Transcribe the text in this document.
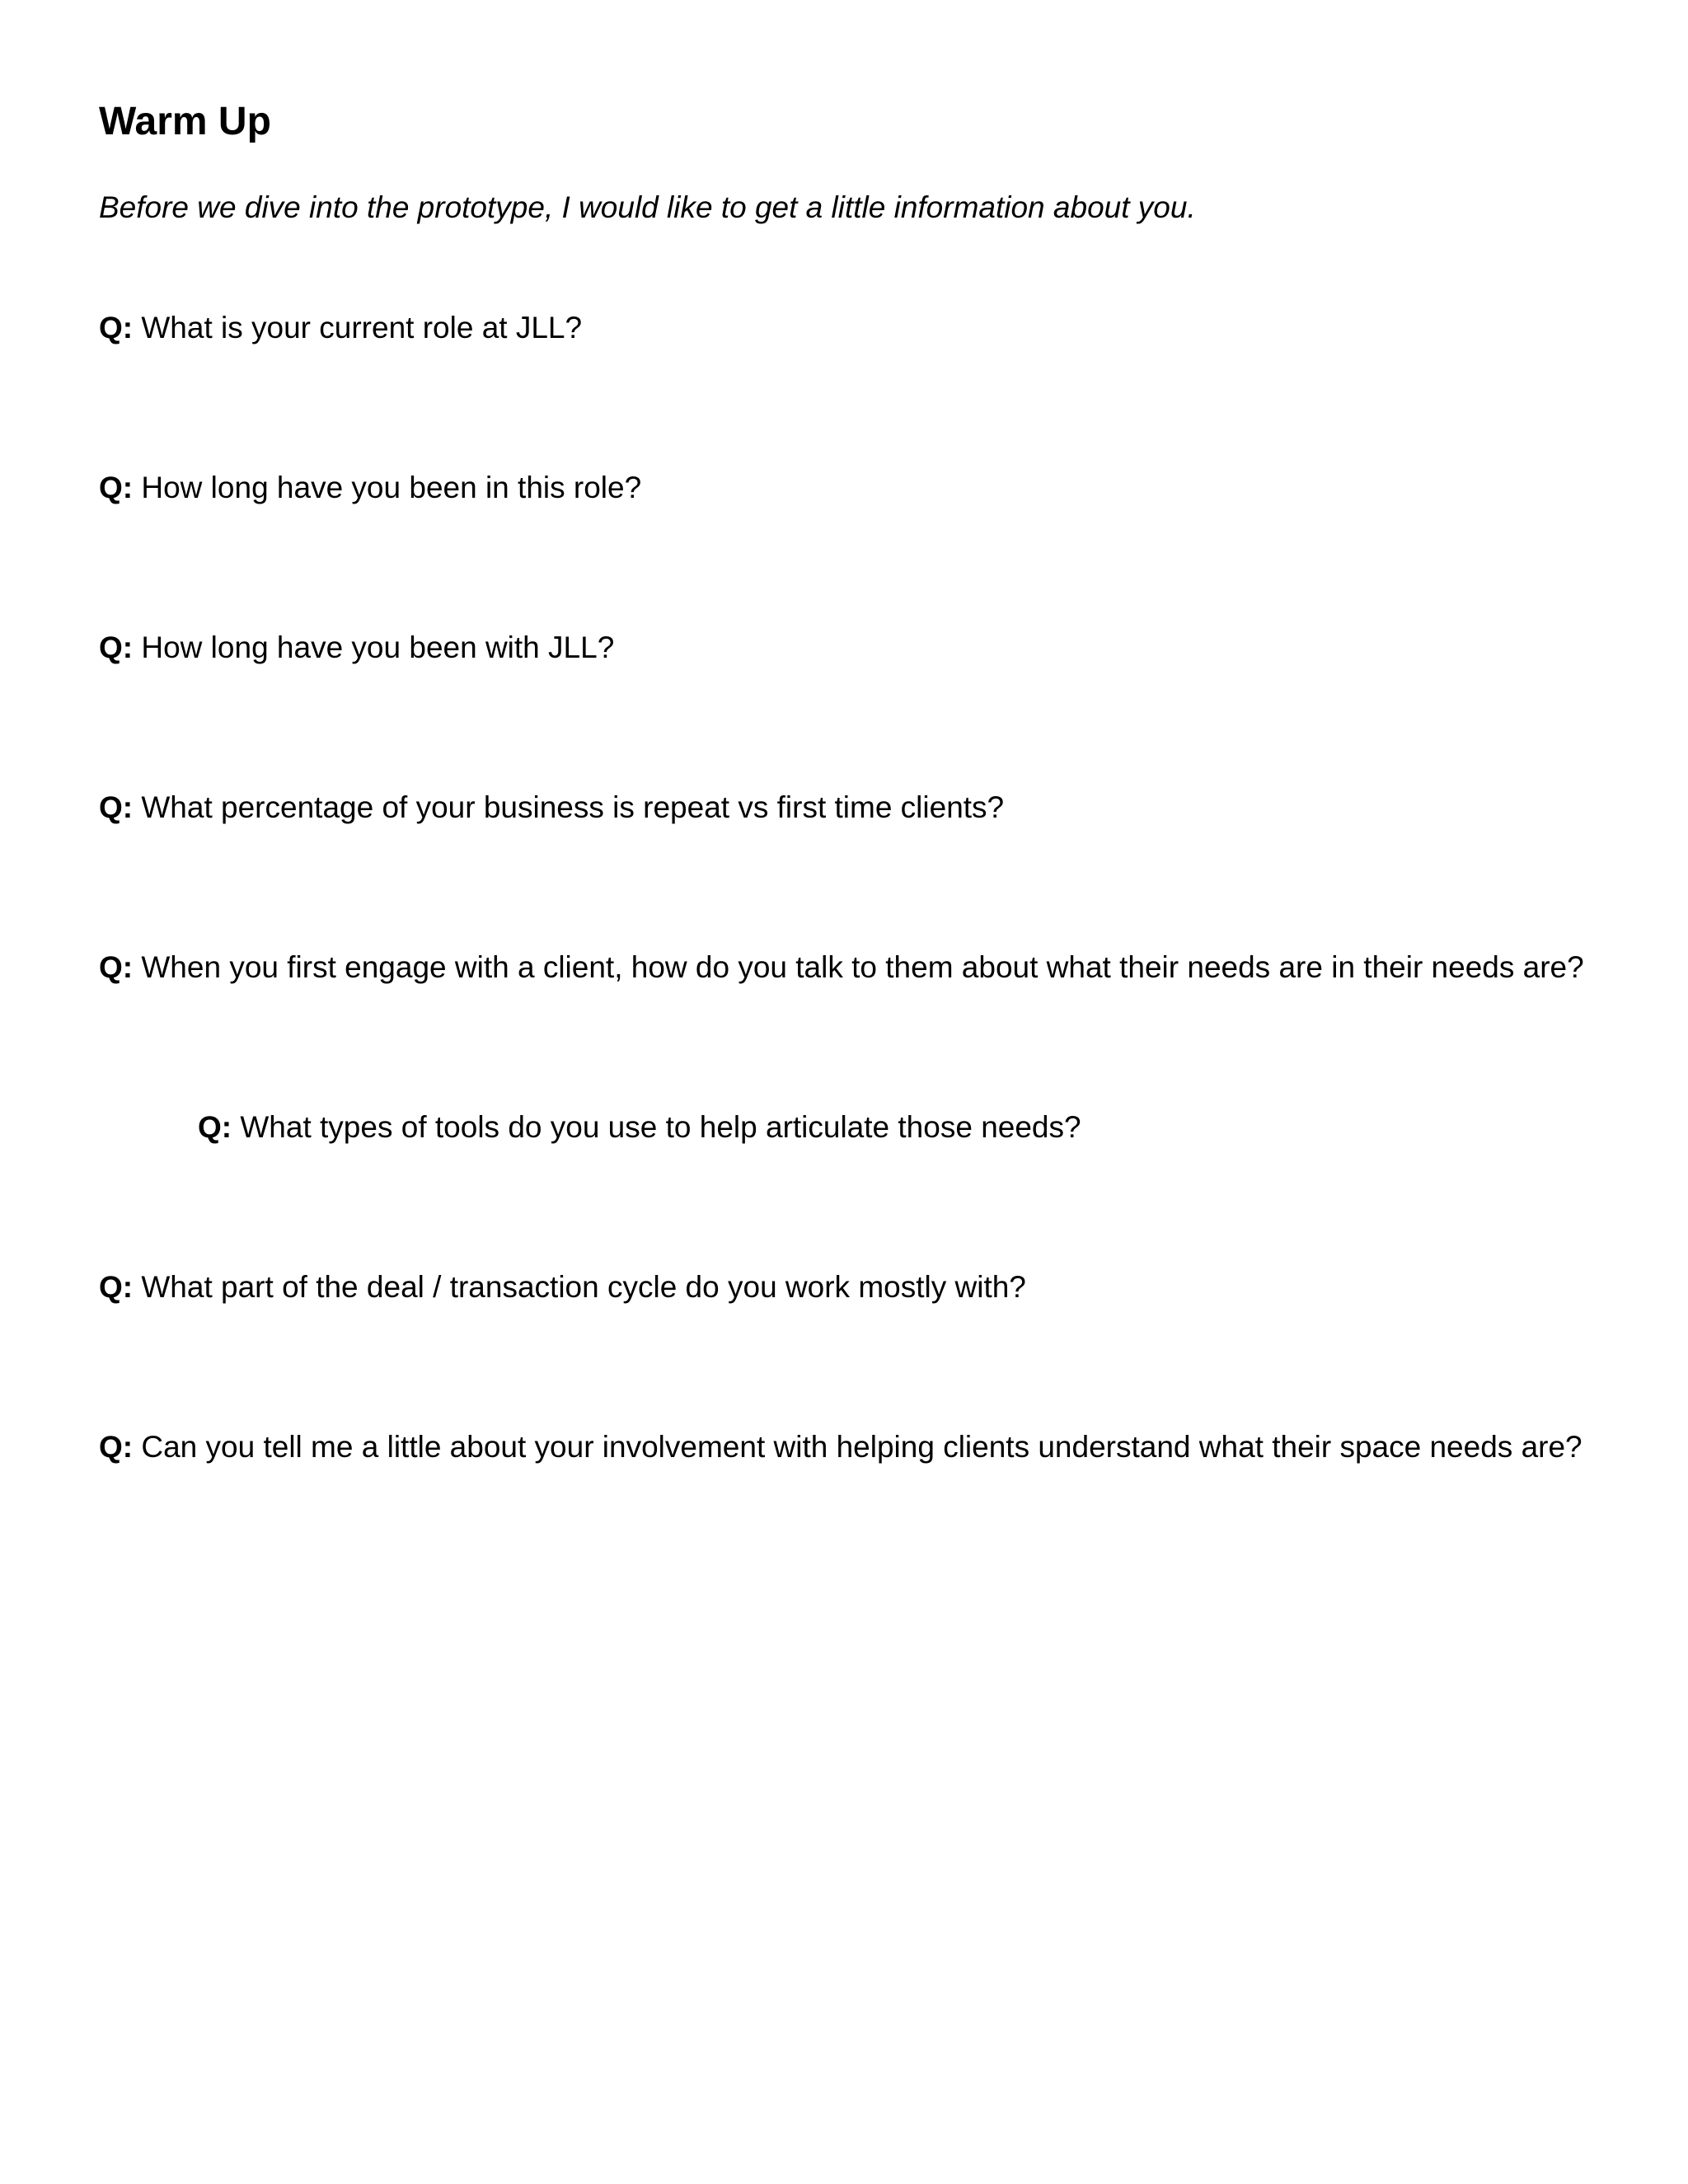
Warm Up

Before we dive into the prototype, I would like to get a little information about you.

Q: What is your current role at JLL?

Q: How long have you been in this role?

Q: How long have you been with JLL?

Q: What percentage of your business is repeat vs first time clients?

Q: When you first engage with a client, how do you talk to them about what their needs are in their needs are?

Q: What types of tools do you use to help articulate those needs?

Q: What part of the deal / transaction cycle do you work mostly with?

Q: Can you tell me a little about your involvement with helping clients understand what their space needs are?
